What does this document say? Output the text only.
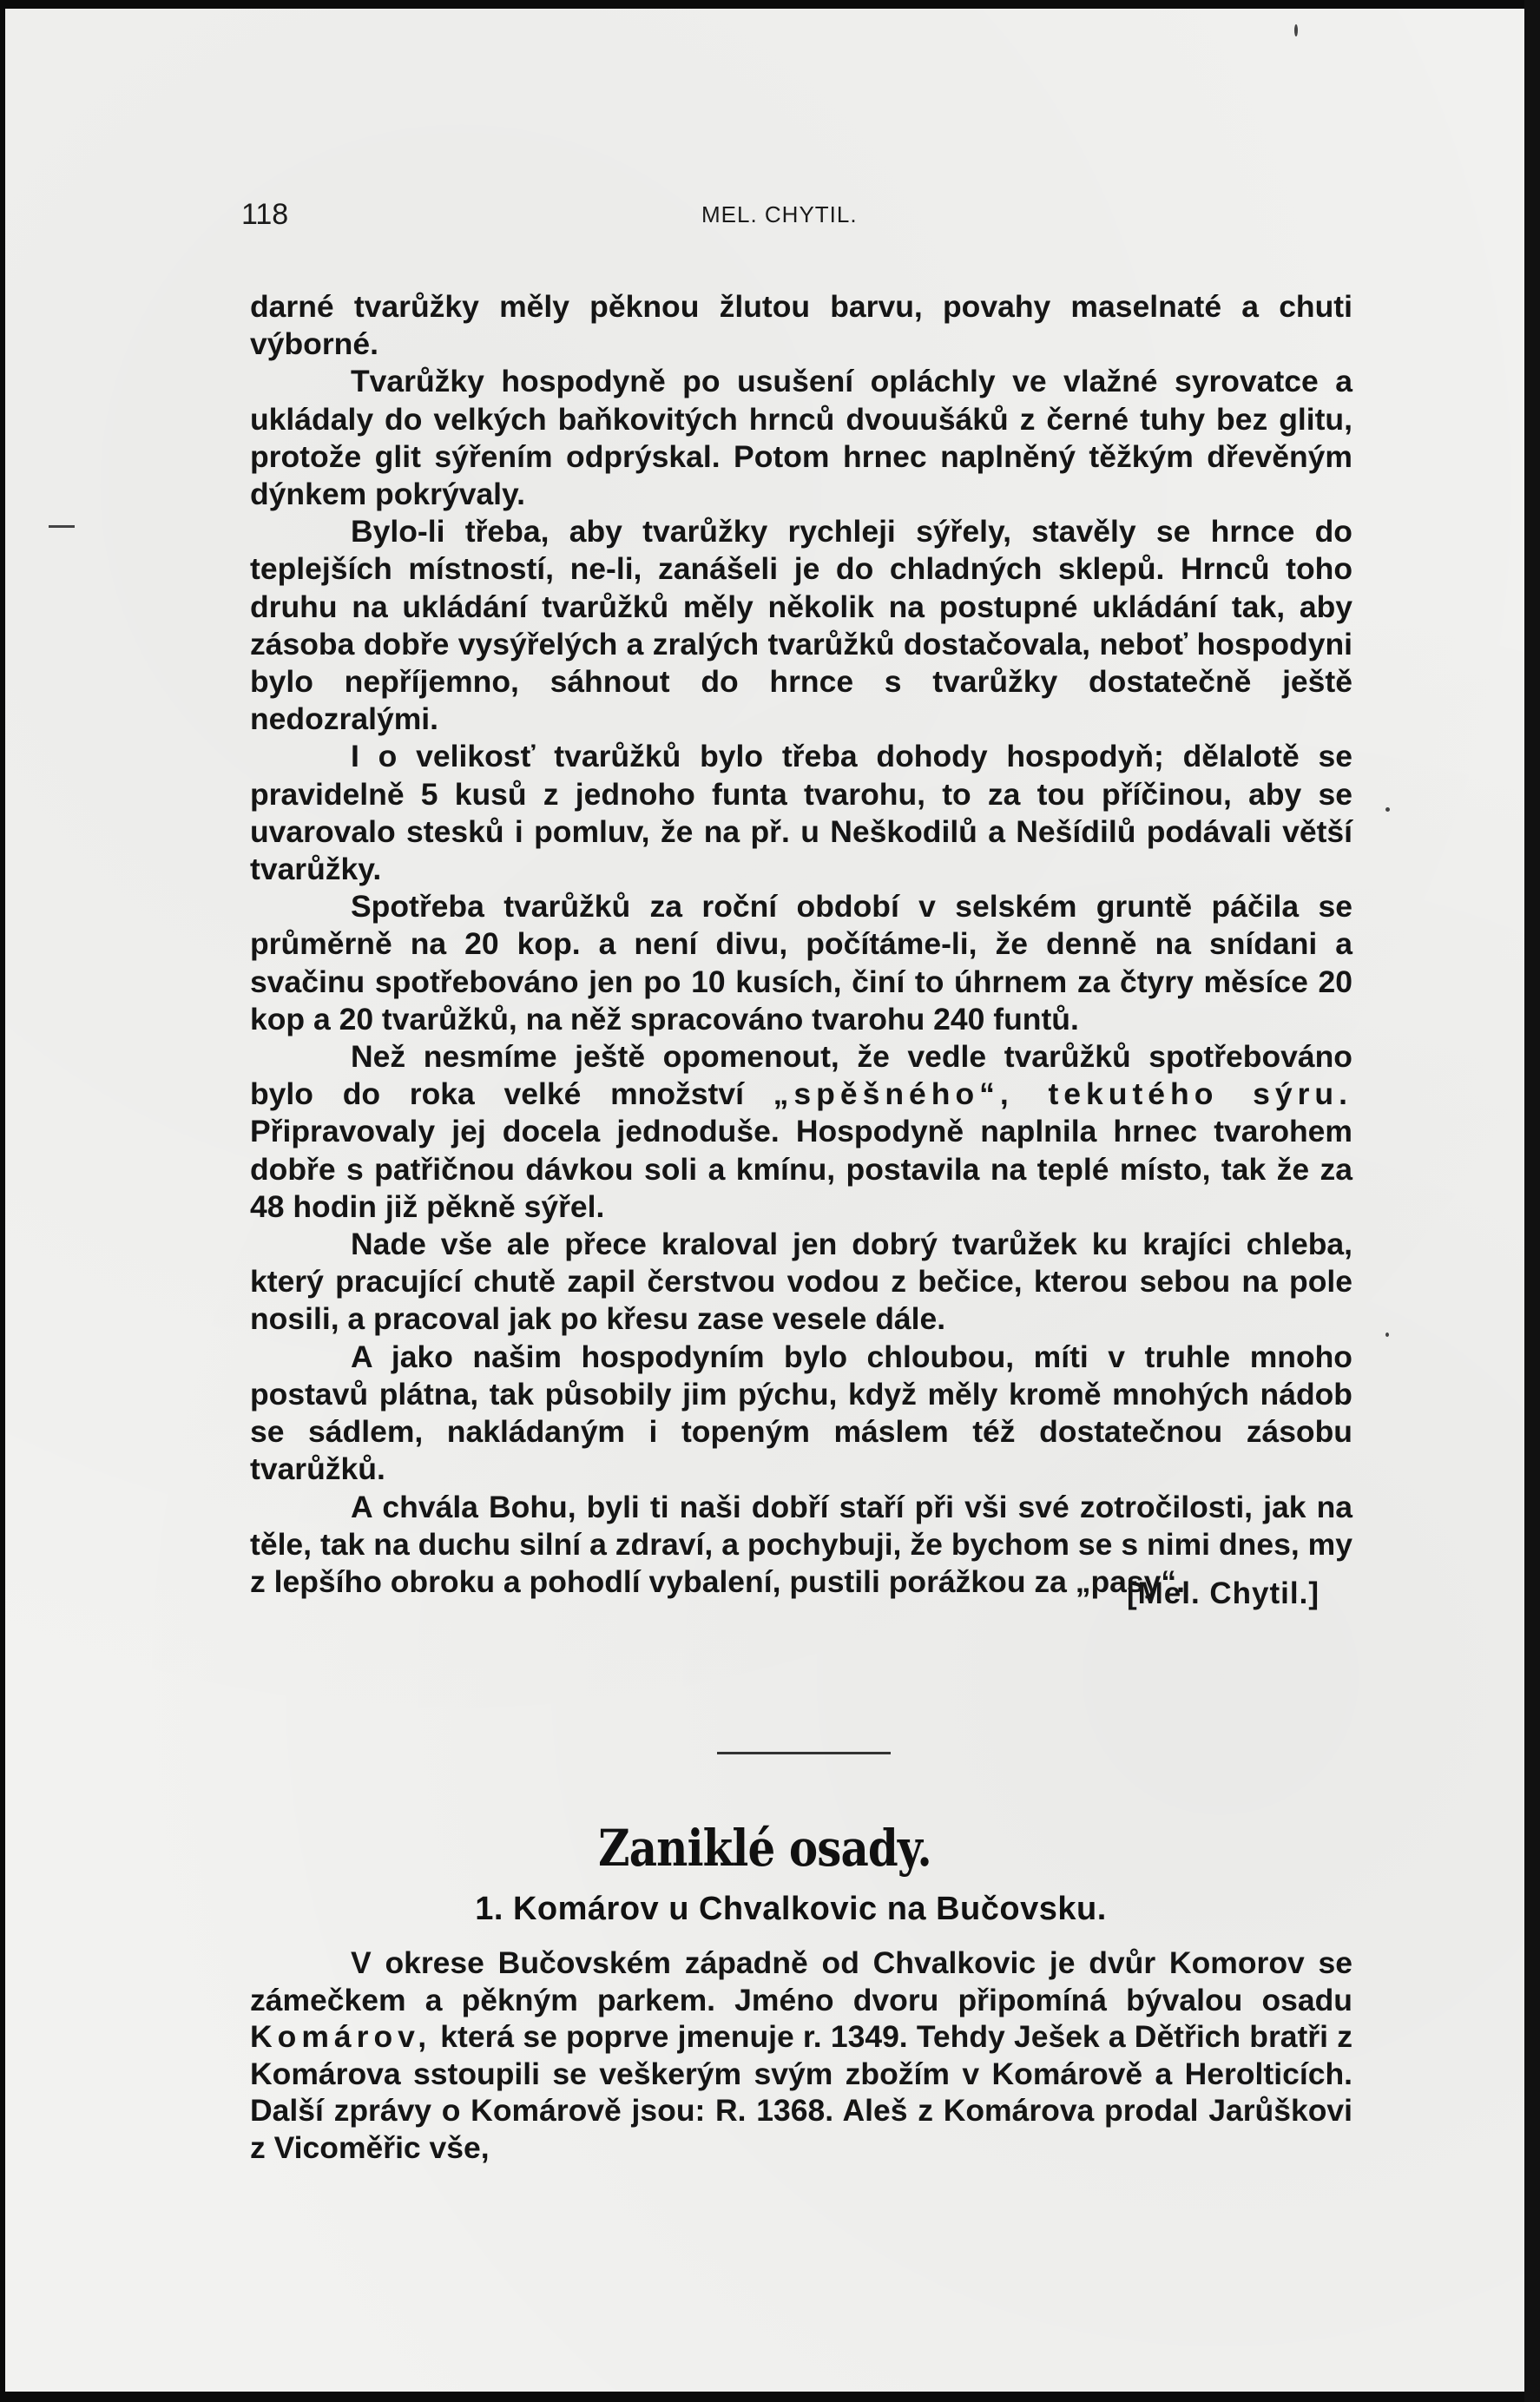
118	MEL. CHYTIL.

darné tvarůžky měly pěknou žlutou barvu, povahy maselnaté a chuti výborné.

Tvarůžky hospodyně po usušení opláchly ve vlažné syrovatce a ukládaly do velkých baňkovitých hrnců dvouušáků z černé tuhy bez glitu, protože glit sýřením odprýskal. Potom hrnec naplněný těžkým dřevěným dýnkem pokrývaly.

Bylo-li třeba, aby tvarůžky rychleji sýřely, stavěly se hrnce do teplejších místností, ne-li, zanášeli je do chladných sklepů. Hrnců toho druhu na ukládání tvarůžků měly několik na postupné ukládání tak, aby zásoba dobře vysýřelých a zralých tvarůžků dostačovala, neboť hospodyni bylo nepříjemno, sáhnout do hrnce s tvarůžky dostatečně ještě nedozralými.

I o velikosť tvarůžků bylo třeba dohody hospodyň; dělalotě se pravidelně 5 kusů z jednoho funta tvarohu, to za tou příčinou, aby se uvarovalo stesků i pomluv, že na př. u Neškodilů a Nešídilů podávali větší tvarůžky.

Spotřeba tvarůžků za roční období v selském gruntě páčila se průměrně na 20 kop. a není divu, počítáme-li, že denně na snídani a svačinu spotřebováno jen po 10 kusích, činí to úhrnem za čtyry měsíce 20 kop a 20 tvarůžků, na něž spracováno tvarohu 240 funtů.

Než nesmíme ještě opomenout, že vedle tvarůžků spotřebováno bylo do roka velké množství „spěšného“, tekutého sýru. Připravovaly jej docela jednoduše. Hospodyně naplnila hrnec tvarohem dobře s patřičnou dávkou soli a kmínu, postavila na teplé místo, tak že za 48 hodin již pěkně sýřel.

Nade vše ale přece kraloval jen dobrý tvarůžek ku krajíci chleba, který pracující chutě zapil čerstvou vodou z bečice, kterou sebou na pole nosili, a pracoval jak po křesu zase vesele dále.

A jako našim hospodyním bylo chloubou, míti v truhle mnoho postavů plátna, tak působily jim pýchu, když měly kromě mnohých nádob se sádlem, nakládaným i topeným máslem též dostatečnou zásobu tvarůžků.

A chvála Bohu, byli ti naši dobří staří při vši své zotročilosti, jak na těle, tak na duchu silní a zdraví, a pochybuji, že bychom se s nimi dnes, my z lepšího obroku a pohodlí vybalení, pustili porážkou za „pasy“.

[Mel. Chytil.]
Zaniklé osady.
1. Komárov u Chvalkovic na Bučovsku.

V okrese Bučovském západně od Chvalkovic je dvůr Komorov se zámečkem a pěkným parkem. Jméno dvoru připomíná bývalou osadu Komárov, která se poprve jmenuje r. 1349. Tehdy Ješek a Dětřich bratři z Komárova sstoupili se veškerým svým zbožím v Komárově a Herolticích. Další zprávy o Komárově jsou: R. 1368. Aleš z Komárova prodal Jarůškovi z Vicoměřic vše,
